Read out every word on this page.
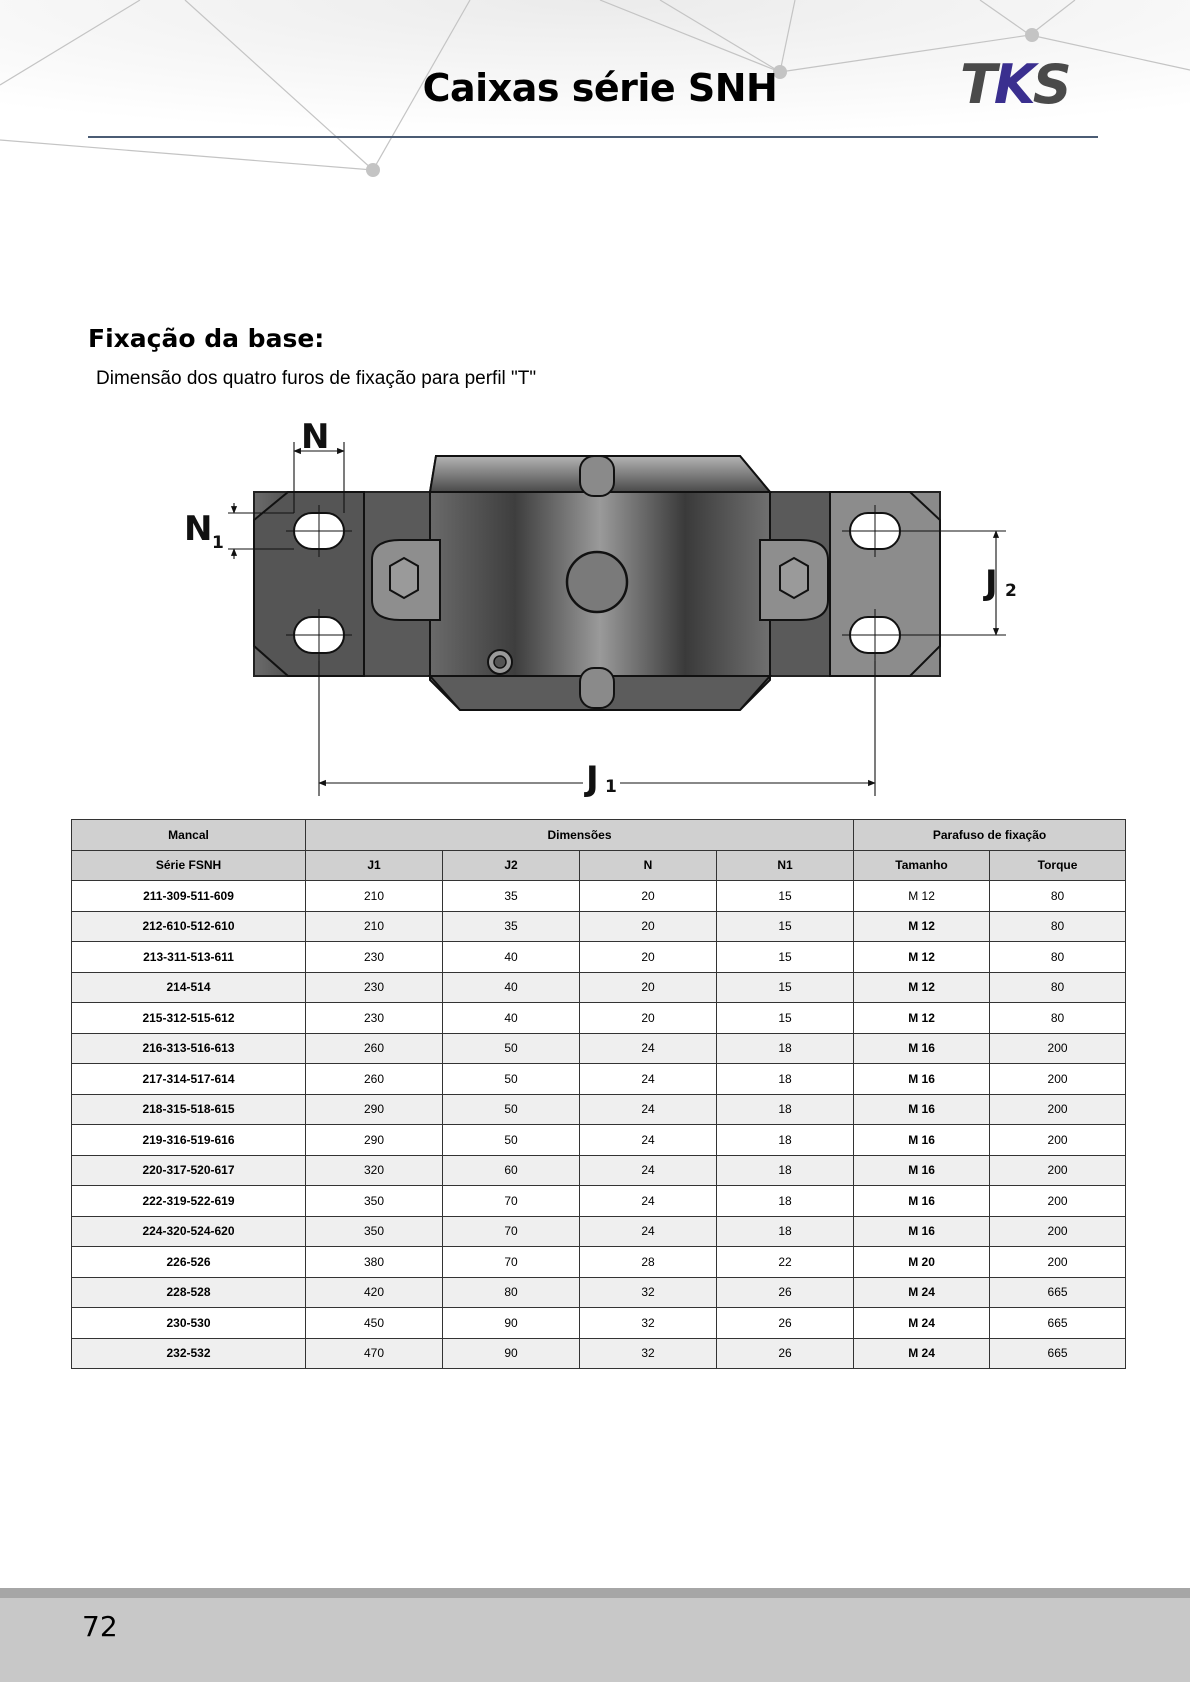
Caixas série SNH	TKS
Fixação da base:
Dimensão dos quatro furos de fixação para perfil "T"
N
N 1
J 1
J 2
Mancal	Dimensões				Parafuso de fixação	
Série FSNH	J1	J2	N	N1	Tamanho	Torque
211-309-511-609	210	35	20	15	M 12	80
212-610-512-610	210	35	20	15	M 12	80
213-311-513-611	230	40	20	15	M 12	80
214-514	230	40	20	15	M 12	80
215-312-515-612	230	40	20	15	M 12	80
216-313-516-613	260	50	24	18	M 16	200
217-314-517-614	260	50	24	18	M 16	200
218-315-518-615	290	50	24	18	M 16	200
219-316-519-616	290	50	24	18	M 16	200
220-317-520-617	320	60	24	18	M 16	200
222-319-522-619	350	70	24	18	M 16	200
224-320-524-620	350	70	24	18	M 16	200
226-526	380	70	28	22	M 20	200
228-528	420	80	32	26	M 24	665
230-530	450	90	32	26	M 24	665
232-532	470	90	32	26	M 24	665
72
